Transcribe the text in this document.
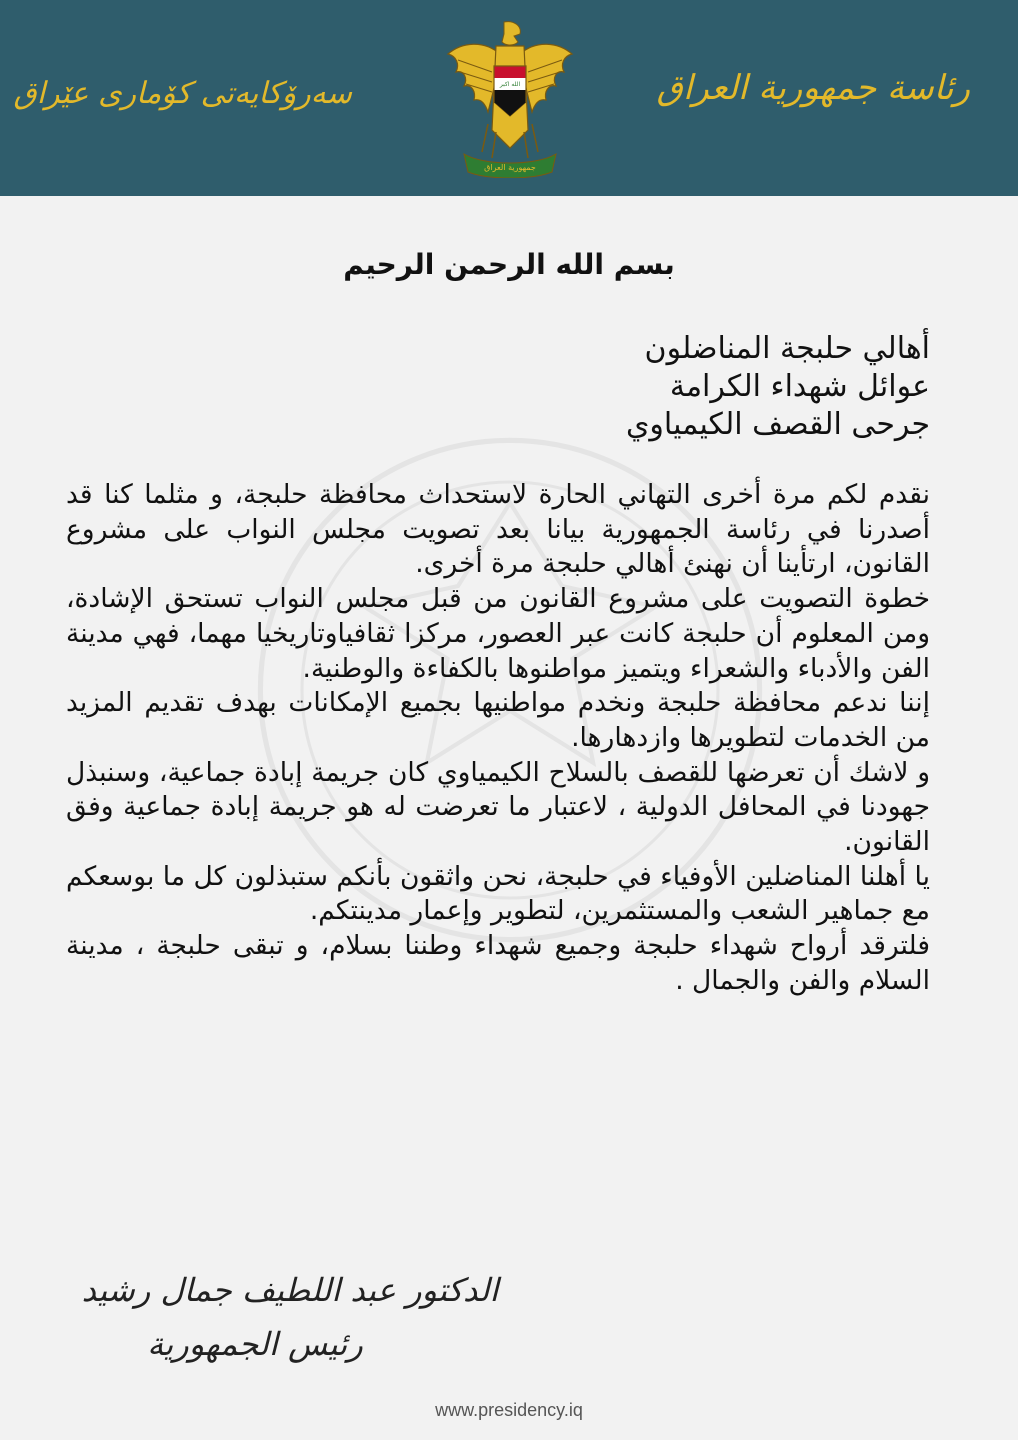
رئاسة جمهورية العراق
سەرۆکایەتی کۆماری عێراق	الله اكبر
جمهورية العراق
بسم الله الرحمن الرحيم
أهالي حلبجة المناضلون
عوائل شهداء الكرامة
جرحى القصف الكيمياوي

نقدم لكم مرة أخرى التهاني الحارة لاستحداث محافظة حلبجة، و مثلما كنا قد أصدرنا في رئاسة الجمهورية بيانا بعد تصويت مجلس النواب على مشروع القانون، ارتأينا أن نهنئ أهالي حلبجة مرة أخرى.

خطوة التصويت على مشروع القانون من قبل مجلس النواب تستحق الإشادة، ومن المعلوم أن حلبجة كانت عبر العصور، مركزا ثقافياوتاريخيا مهما، فهي مدينة الفن والأدباء والشعراء ويتميز مواطنوها بالكفاءة والوطنية.

إننا ندعم محافظة حلبجة ونخدم مواطنيها بجميع الإمكانات بهدف تقديم المزيد من الخدمات لتطويرها وازدهارها.

و لاشك أن تعرضها للقصف بالسلاح الكيمياوي كان جريمة إبادة جماعية، وسنبذل جهودنا في المحافل الدولية ، لاعتبار ما تعرضت له هو جريمة إبادة جماعية وفق القانون.

يا أهلنا المناضلين الأوفياء في حلبجة، نحن واثقون بأنكم ستبذلون كل ما بوسعكم مع جماهير الشعب والمستثمرين، لتطوير وإعمار مدينتكم.

فلترقد أرواح شهداء حلبجة وجميع شهداء وطننا بسلام، و تبقى حلبجة ، مدينة السلام والفن والجمال .

الدكتور عبد اللطيف جمال رشيد
رئيس الجمهورية
www.presidency.iq
